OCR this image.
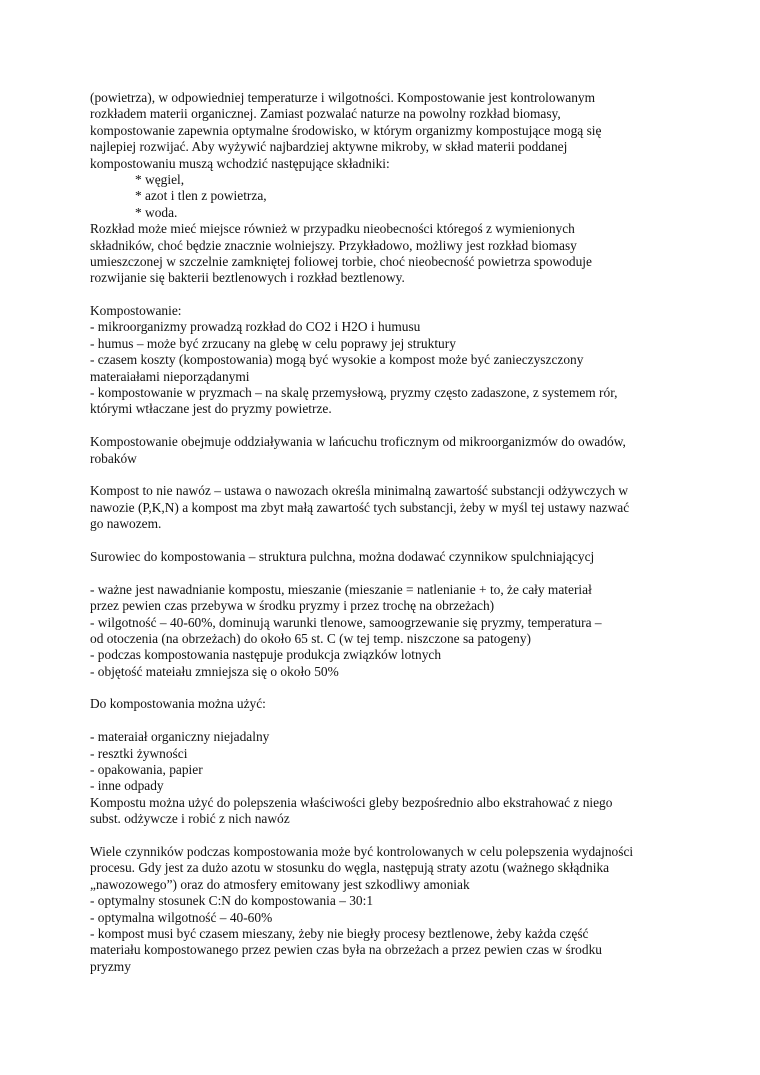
(powietrza), w odpowiedniej temperaturze i wilgotności. Kompostowanie jest kontrolowanym
rozkładem materii organicznej. Zamiast pozwalać naturze na powolny rozkład biomasy,
kompostowanie zapewnia optymalne środowisko, w którym organizmy kompostujące mogą się
najlepiej rozwijać. Aby wyżywić najbardziej aktywne mikroby, w skład materii poddanej
kompostowaniu muszą wchodzić następujące składniki:
* węgiel,
* azot i tlen z powietrza,
* woda.
Rozkład może mieć miejsce również w przypadku nieobecności któregoś z wymienionych
składników, choć będzie znacznie wolniejszy. Przykładowo, możliwy jest rozkład biomasy
umieszczonej w szczelnie zamkniętej foliowej torbie, choć nieobecność powietrza spowoduje
rozwijanie się bakterii beztlenowych i rozkład beztlenowy.
Kompostowanie:
- mikroorganizmy prowadzą rozkład do CO2 i H2O i humusu
- humus – może być zrzucany na glebę w celu poprawy jej struktury
- czasem koszty (kompostowania) mogą być wysokie a kompost może być zanieczyszczony
materaiałami nieporządanymi
- kompostowanie w pryzmach – na skalę przemysłową, pryzmy często zadaszone, z systemem rór,
którymi wtłaczane jest do pryzmy powietrze.
Kompostowanie obejmuje oddziaływania w lańcuchu troficznym od mikroorganizmów do owadów,
robaków
Kompost to nie nawóz – ustawa o nawozach określa minimalną zawartość substancji odżywczych w
nawozie (P,K,N) a kompost ma zbyt małą zawartość tych substancji, żeby w myśl tej ustawy nazwać
go nawozem.
Surowiec do kompostowania – struktura pulchna, można dodawać czynnikow spulchniającycj
- ważne jest nawadnianie kompostu, mieszanie (mieszanie = natlenianie + to, że cały materiał
przez pewien czas przebywa w środku pryzmy i przez trochę na obrzeżach)
- wilgotność – 40-60%, dominują warunki tlenowe, samoogrzewanie się pryzmy, temperatura –
od otoczenia (na obrzeżach) do około 65 st. C (w tej temp. niszczone sa patogeny)
- podczas kompostowania następuje produkcja związków lotnych
- objętość mateiału zmniejsza się o około 50%
Do kompostowania można użyć:
- materaiał organiczny niejadalny
- resztki żywności
- opakowania, papier
- inne odpady
Kompostu można użyć do polepszenia właściwości gleby bezpośrednio albo ekstrahować z niego
subst. odżywcze i robić z nich nawóz
Wiele czynników podczas kompostowania może być kontrolowanych w celu polepszenia wydajności
procesu. Gdy jest za dużo azotu w stosunku do węgla, następują straty azotu (ważnego skłądnika
„nawozowego”) oraz do atmosfery emitowany jest szkodliwy amoniak
- optymalny stosunek C:N do kompostowania – 30:1
- optymalna wilgotność – 40-60%
- kompost musi być czasem mieszany, żeby nie biegły procesy beztlenowe, żeby każda część
materiału kompostowanego przez pewien czas była na obrzeżach a przez pewien czas w środku
pryzmy
